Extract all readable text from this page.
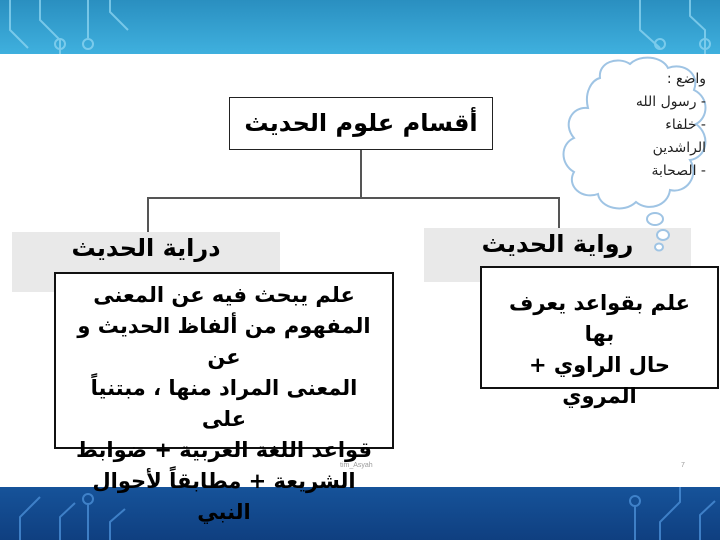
أقسام علوم الحديث
دراية الحديث	رواية الحديث
علم يبحث فيه عن المعنى
المفهوم من ألفاظ الحديث و عن
المعنى المراد منها ، مبتنياً على
قواعد اللغة العربية + ضوابط
الشريعة + مطابقاً لأحوال النبي
علم بقواعد يعرف بها
حال الراوي +
المروي
واضع :
- رسول الله
- خلفاء
الراشدين
- الصحابة
tim_Asyah	7
